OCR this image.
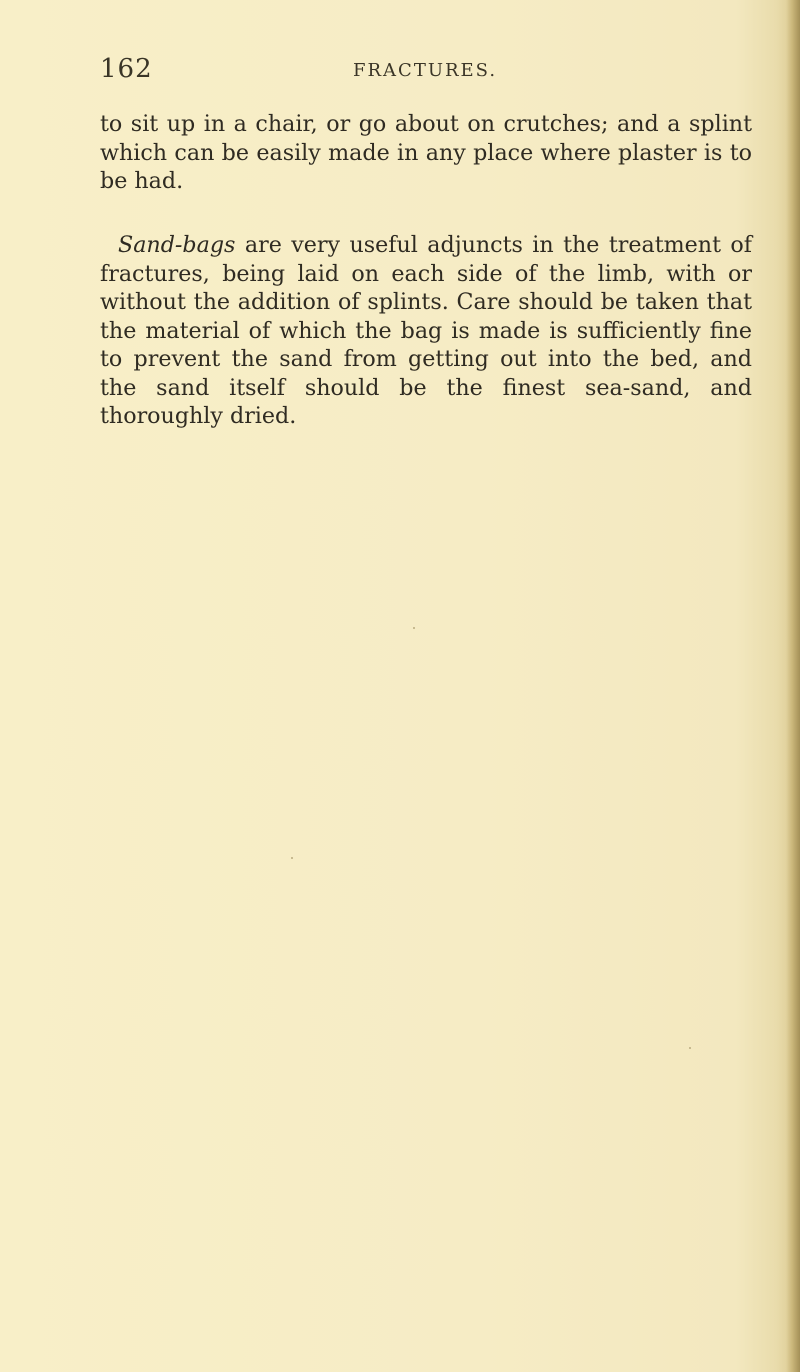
162	FRACTURES.

to sit up in a chair, or go about on crutches; and a splint which can be easily made in any place where plaster is to be had.

Sand-bags are very useful adjuncts in the treatment of fractures, being laid on each side of the limb, with or without the addition of splints. Care should be taken that the material of which the bag is made is sufficiently fine to prevent the sand from getting out into the bed, and the sand itself should be the finest sea-sand, and thoroughly dried.
